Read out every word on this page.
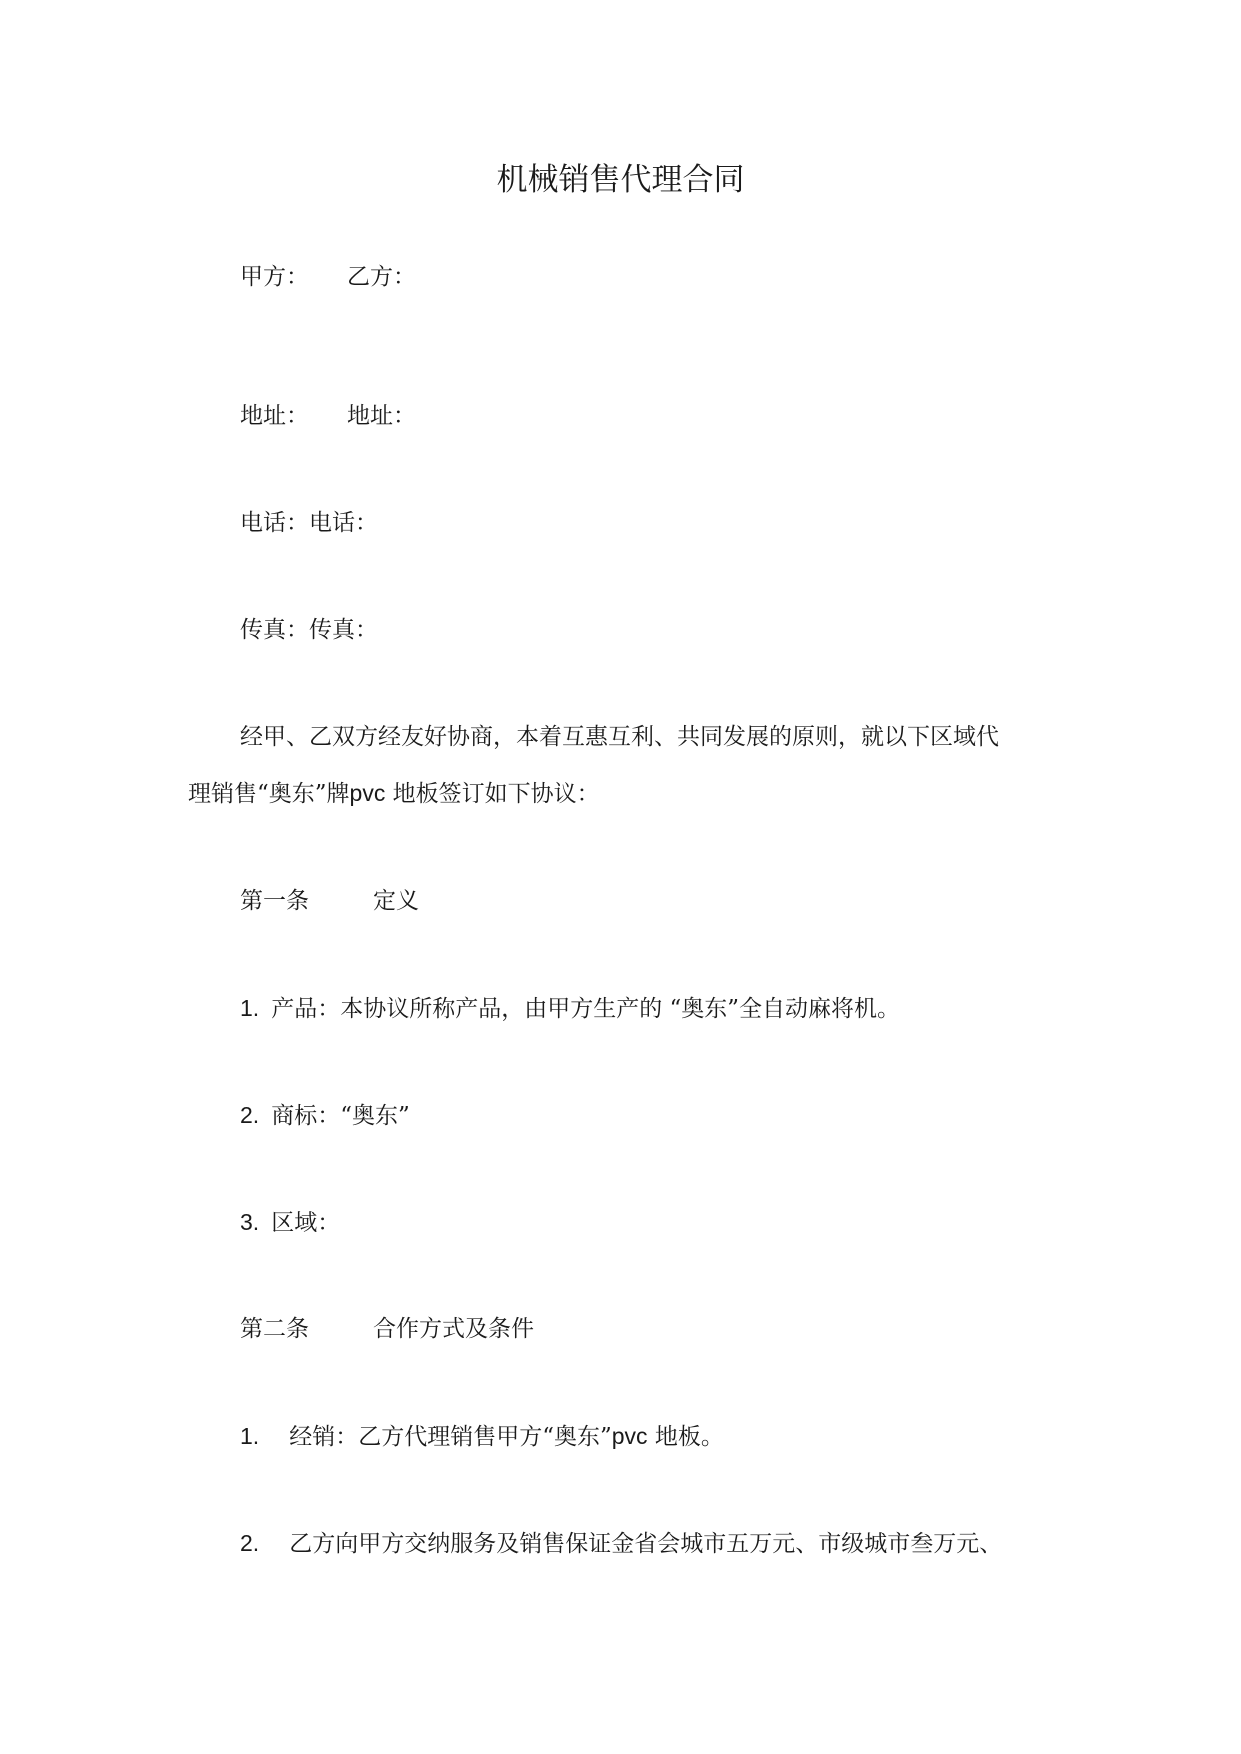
机械销售代理合同
甲方： 乙方：
地址： 地址：
电话：电话：
传真：传真：
经甲、乙双方经友好协商，本着互惠互利、共同发展的原则，就以下区域代
理销售“奥东”牌pvc 地板签订如下协议：
第一条	定义
1. 产品：本协议所称产品，由甲方生产的 “奥东”全自动麻将机。
2. 商标：“奥东”
3. 区域：
第二条	合作方式及条件
1. 经销：乙方代理销售甲方“奥东”pvc 地板。
2. 乙方向甲方交纳服务及销售保证金省会城市五万元、市级城市叁万元、
